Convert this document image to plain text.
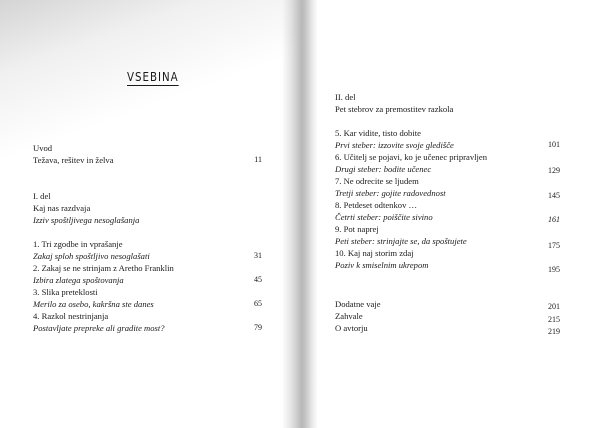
VSEBINA
Uvod
Težava, rešitev in želva	11
I. del
Kaj nas razdvaja
Izziv spoštljivega nesoglašanja
1. Tri zgodbe in vprašanje
Zakaj sploh spoštljivo nesoglašati	31
2. Zakaj se ne strinjam z Aretho Franklin
Izbira zlatega spoštovanja	45
3. Slika preteklosti
Merilo za osebo, kakršna ste danes	65
4. Razkol nestrinjanja
Postavljate prepreke ali gradite most?	79
II. del
Pet stebrov za premostitev razkola
5. Kar vidite, tisto dobite
Prvi steber: izzovite svoje gledišče	101
6. Učitelj se pojavi, ko je učenec pripravljen
Drugi steber: bodite učenec	129
7. Ne odrecite se ljudem
Tretji steber: gojite radovednost	145
8. Petdeset odtenkov …
Četrti steber: poiščite sivino	161
9. Pot naprej
Peti steber: strinjajte se, da spoštujete	175
10. Kaj naj storim zdaj
Poziv k smiselnim ukrepom	195
Dodatne vaje	201
Zahvale	215
O avtorju	219
